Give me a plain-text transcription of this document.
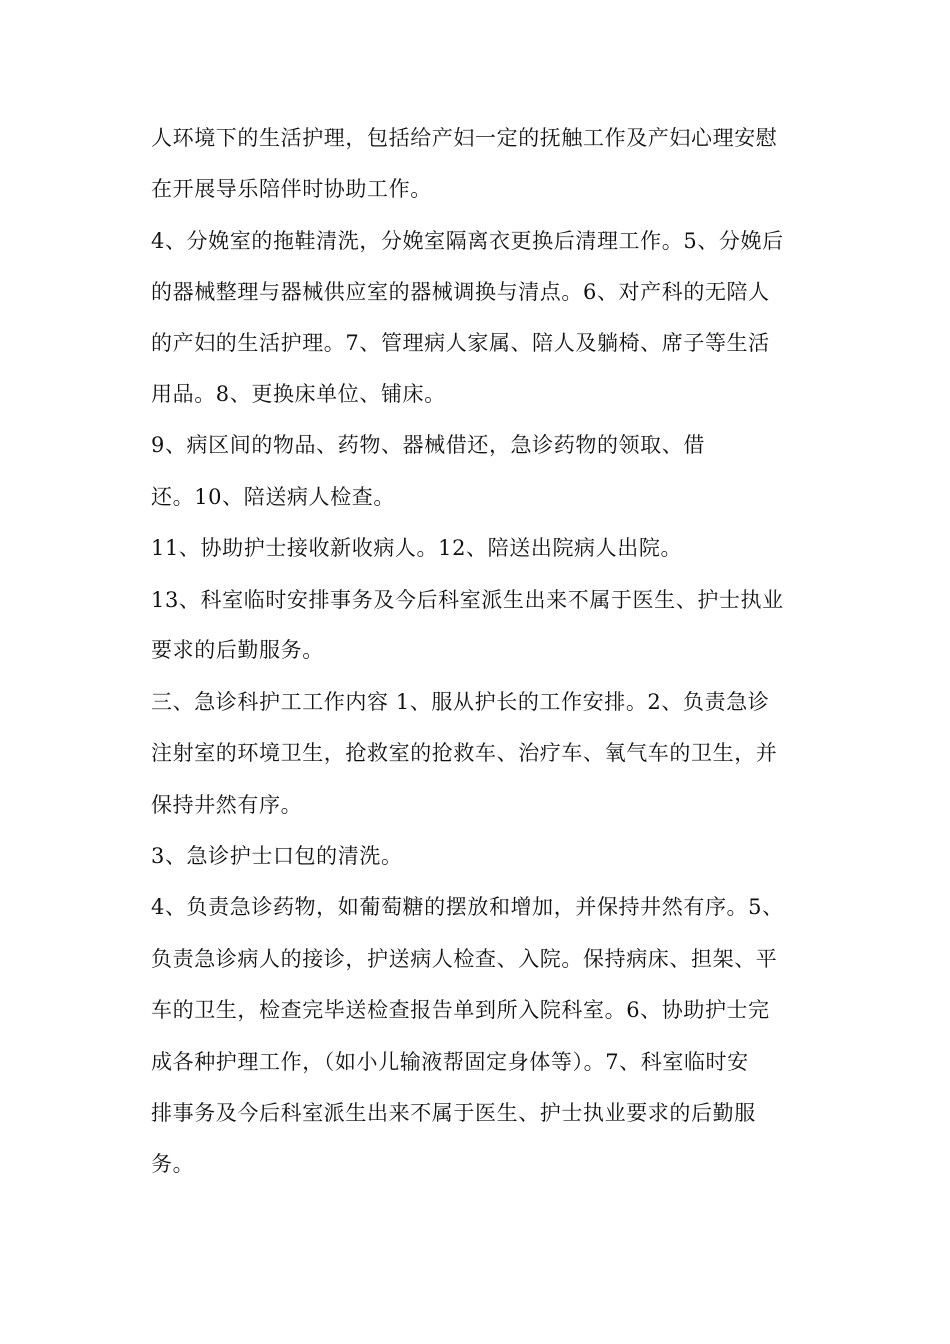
人环境下的生活护理，包括给产妇一定的抚触工作及产妇心理安慰
在开展导乐陪伴时协助工作。
4、分娩室的拖鞋清洗，分娩室隔离衣更换后清理工作。5、分娩后
的器械整理与器械供应室的器械调换与清点。6、对产科的无陪人
的产妇的生活护理。7、管理病人家属、陪人及躺椅、席子等生活
用品。8、更换床单位、铺床。
9、病区间的物品、药物、器械借还，急诊药物的领取、借
还。10、陪送病人检查。
11、协助护士接收新收病人。12、陪送出院病人出院。
13、科室临时安排事务及今后科室派生出来不属于医生、护士执业
要求的后勤服务。
三、急诊科护工工作内容 1、服从护长的工作安排。2、负责急诊
注射室的环境卫生，抢救室的抢救车、治疗车、氧气车的卫生，并
保持井然有序。
3、急诊护士口包的清洗。
4、负责急诊药物，如葡萄糖的摆放和增加，并保持井然有序。5、
负责急诊病人的接诊，护送病人检查、入院。保持病床、担架、平
车的卫生，检查完毕送检查报告单到所入院科室。6、协助护士完
成各种护理工作，（如小儿输液帮固定身体等）。7、科室临时安
排事务及今后科室派生出来不属于医生、护士执业要求的后勤服
务。
